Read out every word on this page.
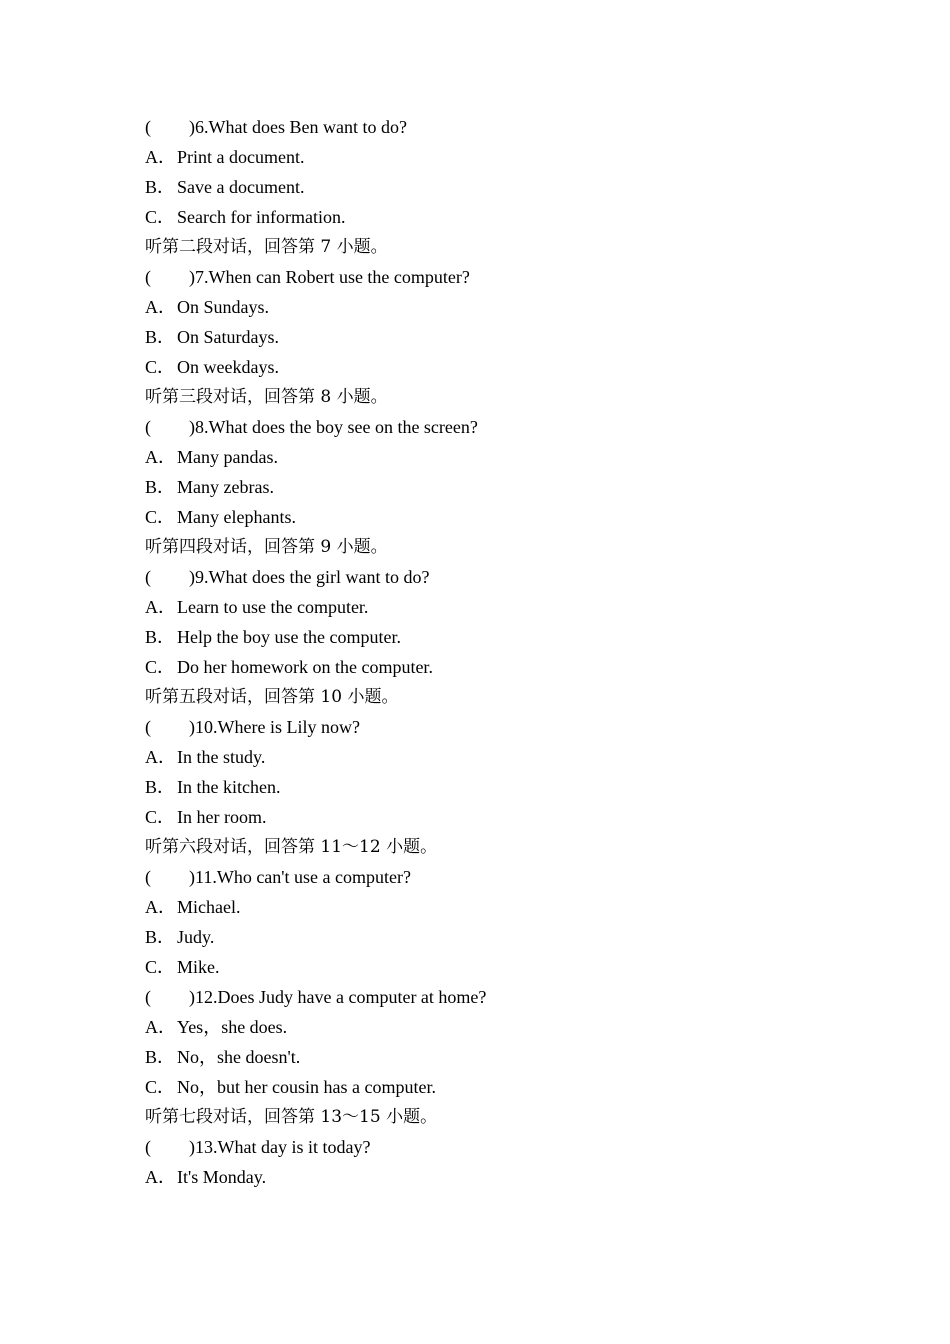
( )6.What does Ben want to do?
A．Print a document.
B． Save a document.
C． Search for information.
听第二段对话，回答第 7 小题。
( )7.When can Robert use the computer?
A．On Sundays.
B． On Saturdays.
C． On weekdays.
听第三段对话，回答第 8 小题。
( )8.What does the boy see on the screen?
A．Many pandas.
B． Many zebras.
C． Many elephants.
听第四段对话，回答第 9 小题。
( )9.What does the girl want to do?
A．Learn to use the computer.
B． Help the boy use the computer.
C． Do her homework on the computer.
听第五段对话，回答第 10 小题。
( )10.Where is Lily now?
A．In the study.
B． In the kitchen.
C． In her room.
听第六段对话，回答第 11～12 小题。
( )11.Who can't use a computer?
A．Michael.
B． Judy.
C． Mike.
( )12.Does Judy have a computer at home?
A．Yes，she does.
B． No，she doesn't.
C． No，but her cousin has a computer.
听第七段对话，回答第 13～15 小题。
( )13.What day is it today?
A．It's Monday.
